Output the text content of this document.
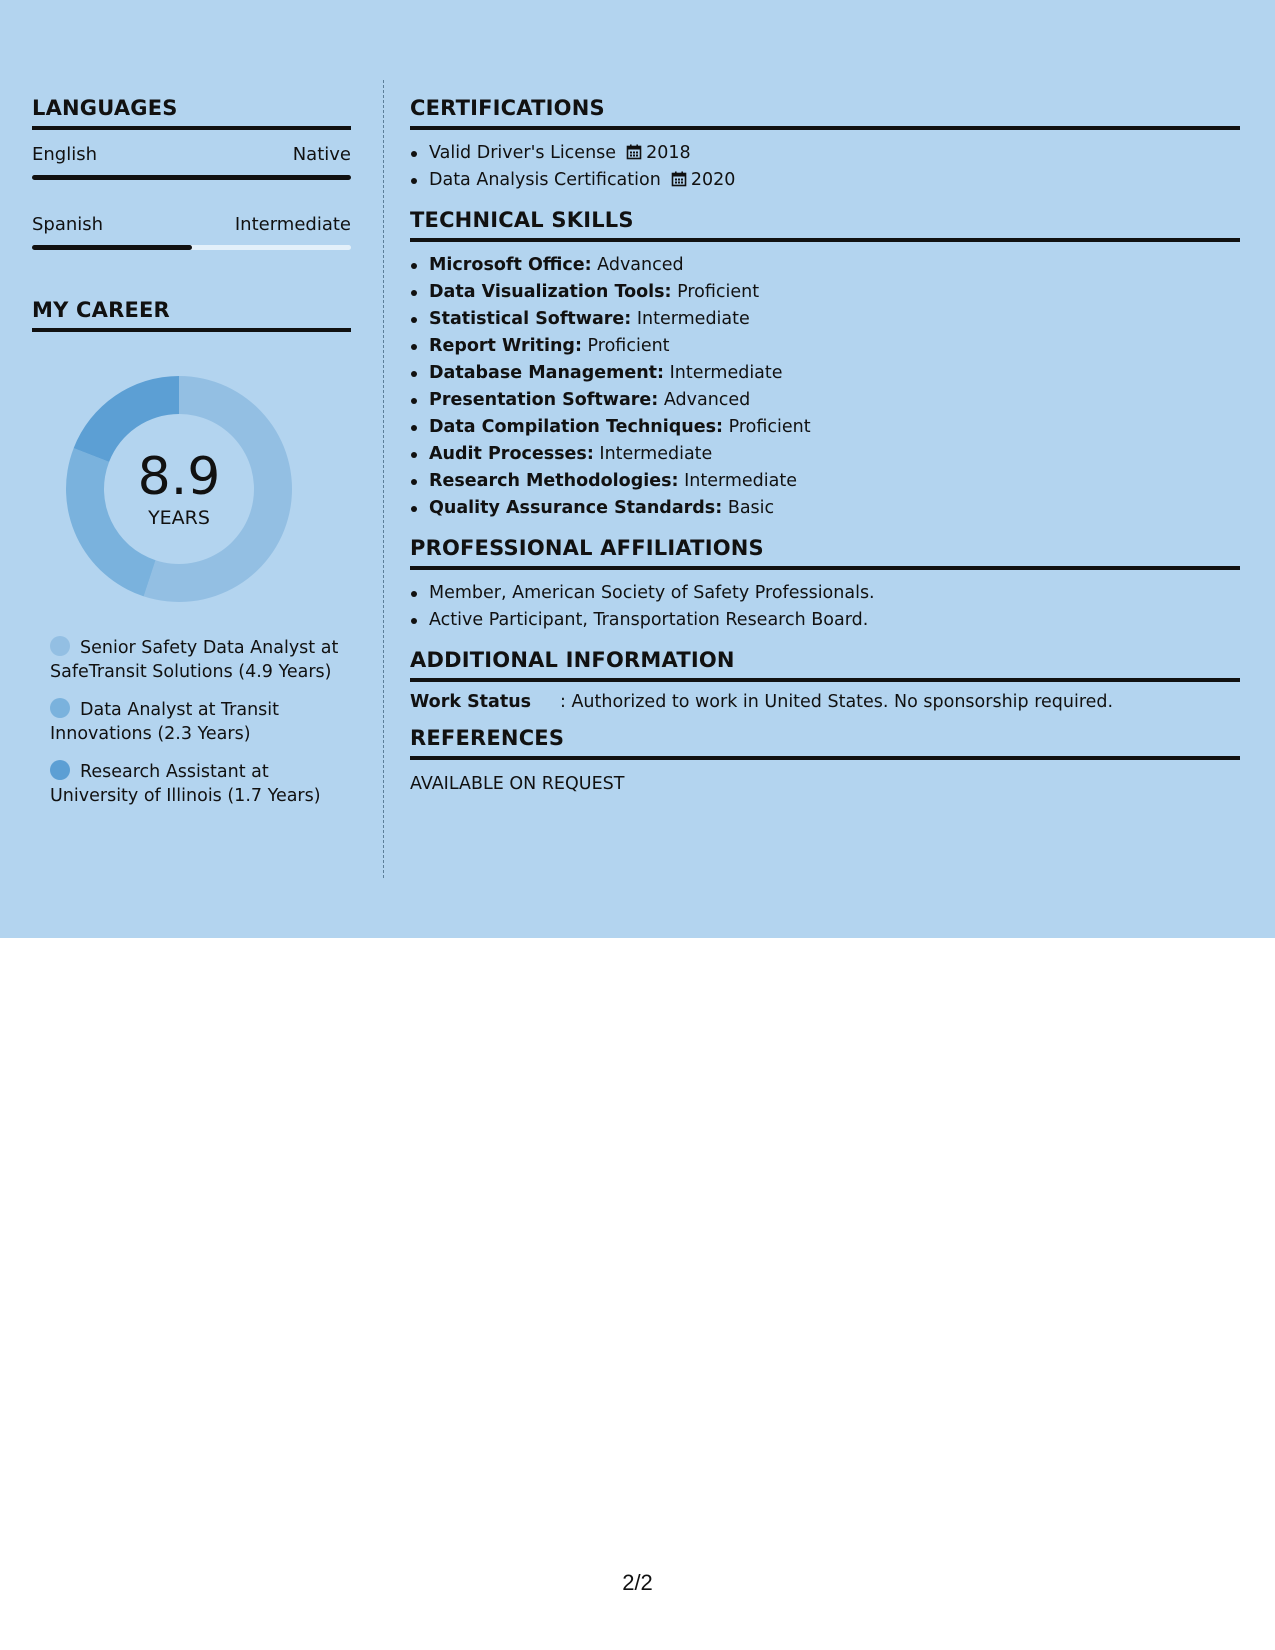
LANGUAGES
English	Native
Spanish	Intermediate
MY CAREER
8.9
YEARS
Senior Safety Data Analyst at SafeTransit Solutions (4.9 Years)
Data Analyst at Transit Innovations (2.3 Years)
Research Assistant at University of Illinois (1.7 Years)
CERTIFICATIONS
Valid Driver's License 2018
Data Analysis Certification 2020
TECHNICAL SKILLS
Microsoft Office: Advanced
Data Visualization Tools: Proficient
Statistical Software: Intermediate
Report Writing: Proficient
Database Management: Intermediate
Presentation Software: Advanced
Data Compilation Techniques: Proficient
Audit Processes: Intermediate
Research Methodologies: Intermediate
Quality Assurance Standards: Basic
PROFESSIONAL AFFILIATIONS
Member, American Society of Safety Professionals.
Active Participant, Transportation Research Board.
ADDITIONAL INFORMATION
Work Status	: Authorized to work in United States. No sponsorship required.
REFERENCES
AVAILABLE ON REQUEST
2/2
